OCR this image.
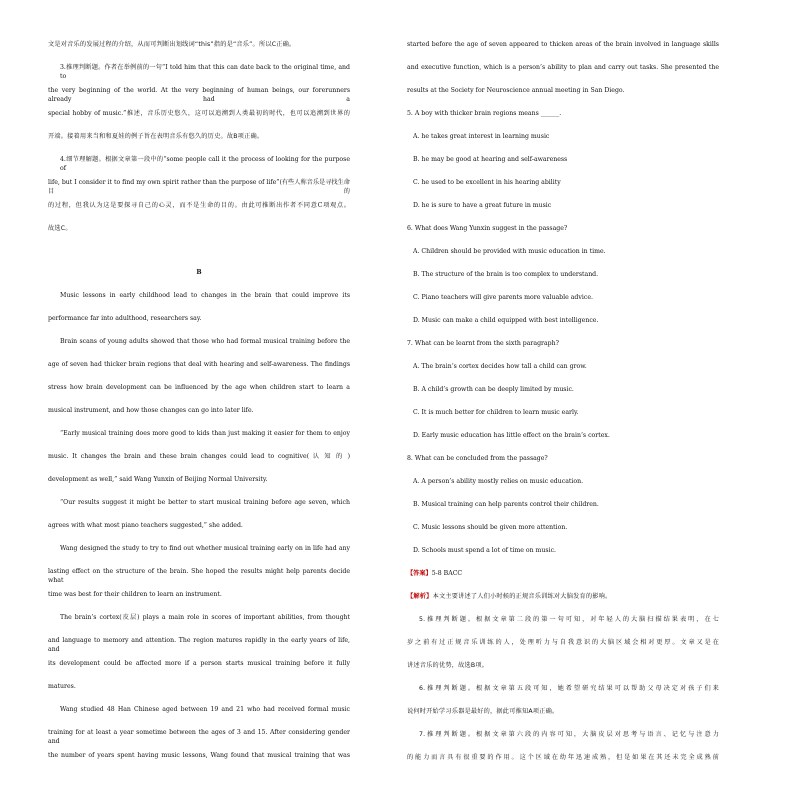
文是对音乐的发展过程的介绍，从而可判断出划线词“this”指的是“音乐”。所以C正确。
3.推理判断题。作者在举例前的一句“I told him that this can date back to the original time, and to
the very beginning of the world. At the very beginning of human beings, our forerunners already had a
special hobby of music.”推述，音乐历史悠久，这可以追溯到人类最初的时代，也可以追溯到世界的
开端。接着用来当和和夏娃的例子旨在表明音乐有悠久的历史。故B项正确。
4.细节理解题。根据文章第一段中的“some people call it the process of looking for the purpose of
life, but I consider it to find my own spirit rather than the purpose of life”(有些人称音乐是寻找生命目的
的过程，但我认为这是要探寻自己的心灵，而不是生命的目的。由此可推断出作者不同意C项观点。
故选C。
B
Music lessons in early childhood lead to changes in the brain that could improve its
performance far into adulthood, researchers say.
Brain scans of young adults showed that those who had formal musical training before the
age of seven had thicker brain regions that deal with hearing and self-awareness. The findings
stress how brain development can be influenced by the age when children start to learn a
musical instrument, and how those changes can go into later life.
“Early musical training does more good to kids than just making it easier for them to enjoy
music. It changes the brain and these brain changes could lead to cognitive( 认 知 的 )
development as well,” said Wang Yunxin of Beijing Normal University.
“Our results suggest it might be better to start musical training before age seven, which
agrees with what most piano teachers suggested,” she added.
Wang designed the study to try to find out whether musical training early on in life had any
lasting effect on the structure of the brain. She hoped the results might help parents decide what
time was best for their children to learn an instrument.
The brain’s cortex(皮层) plays a main role in scores of important abilities, from thought
and language to memory and attention. The region matures rapidly in the early years of life, and
its development could be affected more if a person starts musical training before it fully
matures.
Wang studied 48 Han Chinese aged between 19 and 21 who had received formal music
training for at least a year sometime between the ages of 3 and 15. After considering gender and
the number of years spent having music lessons, Wang found that musical training that was
【答案】5-8 BACC
【解析】本文主要讲述了人们小时候的正规音乐训练对大脑发育的影响。
started before the age of seven appeared to thicken areas of the brain involved in language skills
and executive function, which is a person’s ability to plan and carry out tasks. She presented the
results at the Society for Neuroscience annual meeting in San Diego.
5. A boy with thicker brain regions means ______.
A. he takes great interest in learning music
B. he may be good at hearing and self-awareness
C. he used to be excellent in his hearing ability
D. he is sure to have a great future in music
6. What does Wang Yunxin suggest in the passage?
A. Children should be provided with music education in time.
B. The structure of the brain is too complex to understand.
C. Piano teachers will give parents more valuable advice.
D. Music can make a child equipped with best intelligence.
7. What can be learnt from the sixth paragraph?
A. The brain’s cortex decides how tall a child can grow.
B. A child’s growth can be deeply limited by music.
C. It is much better for children to learn music early.
D. Early music education has little effect on the brain’s cortex.
8. What can be concluded from the passage?
A. A person’s ability mostly relies on music education.
B. Musical training can help parents control their children.
C. Music lessons should be given more attention.
D. Schools must spend a lot of time on music.
5.推理判断题。根据文章第二段的第一句可知，对年轻人的大脑扫描结果表明，在七
岁之前有过正规音乐训练的人，处理听力与自我意识的大脑区域会相对更厚。文章又是在
讲述音乐的优势，故选B项。
6.推理判断题。根据文章第五段可知，她希望研究结果可以帮助父母决定对孩子们来
说何时开始学习乐器是最好的，据此可推知A项正确。
7.推理判断题。根据文章第六段的内容可知，大脑皮层对思考与语言、记忆与注意力
的能力而言具有很重要的作用。这个区域在幼年迅速成熟，但是如果在其还未完全成熟前
